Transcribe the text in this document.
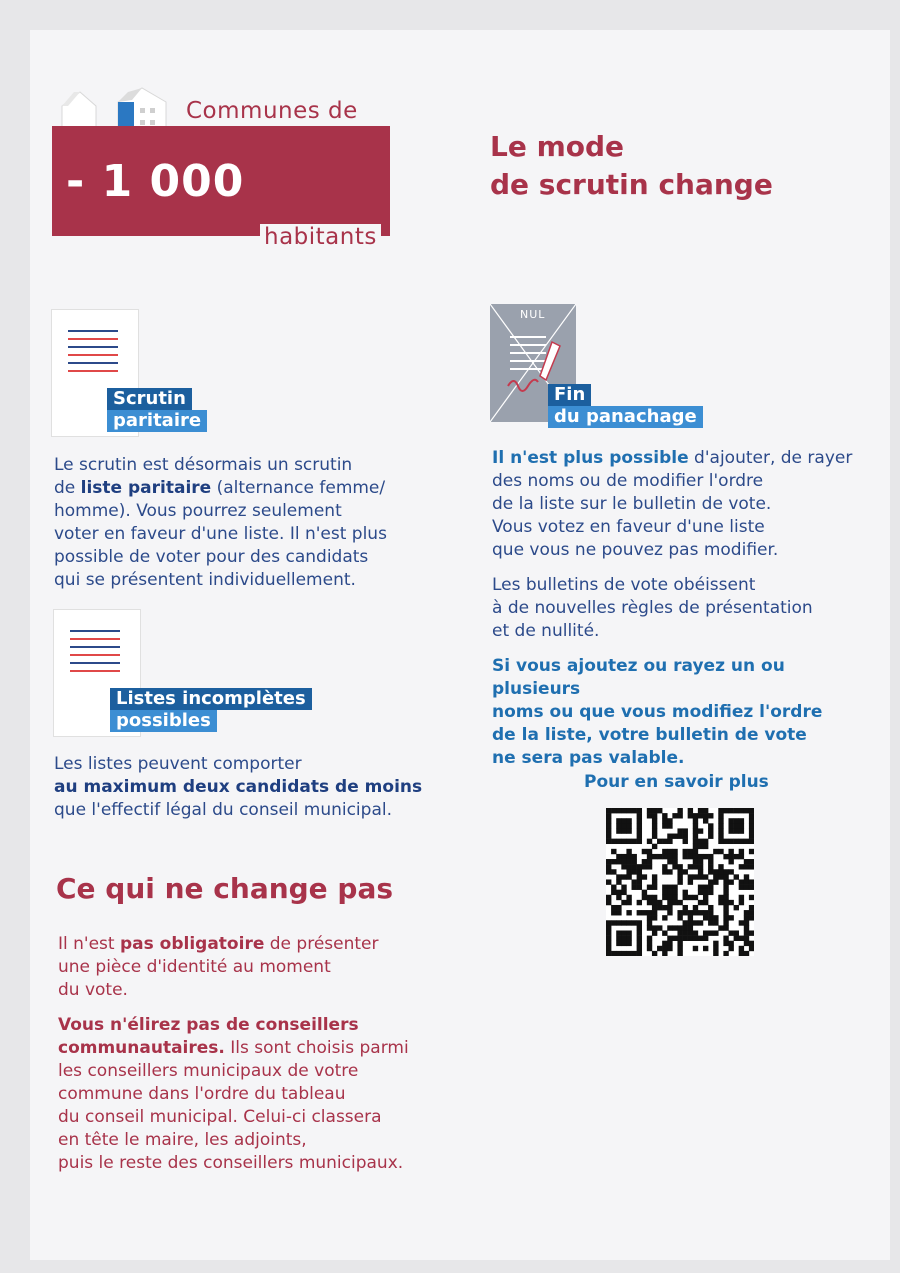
Communes de
- 1 000
habitants
Le mode
de scrutin change
Scrutin
paritaire
Le scrutin est désormais un scrutin
de liste paritaire (alternance femme/
homme). Vous pourrez seulement
voter en faveur d'une liste. Il n'est plus
possible de voter pour des candidats
qui se présentent individuellement.
Listes incomplètes
possibles
Les listes peuvent comporter
au maximum deux candidats de moins
que l'effectif légal du conseil municipal.
NUL
Fin
du panachage
Il n'est plus possible d'ajouter, de rayer
des noms ou de modifier l'ordre
de la liste sur le bulletin de vote.
Vous votez en faveur d'une liste
que vous ne pouvez pas modifier.
Les bulletins de vote obéissent
à de nouvelles règles de présentation
et de nullité.
Si vous ajoutez ou rayez un ou plusieurs
noms ou que vous modifiez l'ordre
de la liste, votre bulletin de vote
ne sera pas valable.
Pour en savoir plus
Ce qui ne change pas
Il n'est pas obligatoire de présenter
une pièce d'identité au moment
du vote.
Vous n'élirez pas de conseillers
communautaires. Ils sont choisis parmi
les conseillers municipaux de votre
commune dans l'ordre du tableau
du conseil municipal. Celui-ci classera
en tête le maire, les adjoints,
puis le reste des conseillers municipaux.
